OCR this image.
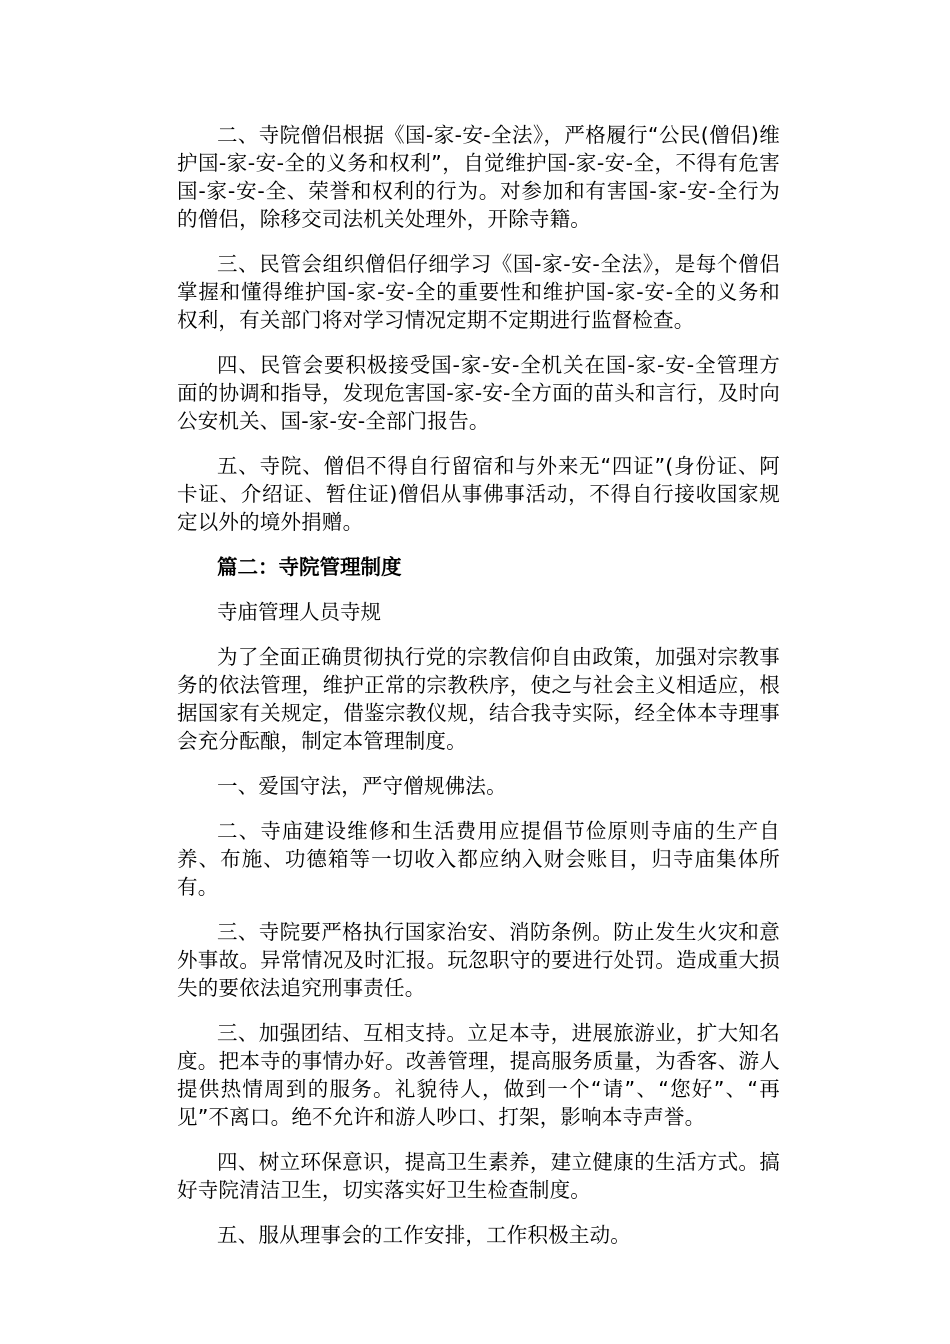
二、寺院僧侣根据《国-家-安-全法》，严格履行“公民(僧侣)维护国-家-安-全的义务和权利”，自觉维护国-家-安-全，不得有危害国-家-安-全、荣誉和权利的行为。对参加和有害国-家-安-全行为的僧侣，除移交司法机关处理外，开除寺籍。

三、民管会组织僧侣仔细学习《国-家-安-全法》，是每个僧侣掌握和懂得维护国-家-安-全的重要性和维护国-家-安-全的义务和权利，有关部门将对学习情况定期不定期进行监督检查。

四、民管会要积极接受国-家-安-全机关在国-家-安-全管理方面的协调和指导，发现危害国-家-安-全方面的苗头和言行，及时向公安机关、国-家-安-全部门报告。

五、寺院、僧侣不得自行留宿和与外来无“四证”(身份证、阿卡证、介绍证、暂住证)僧侣从事佛事活动，不得自行接收国家规定以外的境外捐赠。

篇二：寺院管理制度

寺庙管理人员寺规

为了全面正确贯彻执行党的宗教信仰自由政策，加强对宗教事务的依法管理，维护正常的宗教秩序，使之与社会主义相适应，根据国家有关规定，借鉴宗教仪规，结合我寺实际，经全体本寺理事会充分酝酿，制定本管理制度。

一、爱国守法，严守僧规佛法。

二、寺庙建设维修和生活费用应提倡节俭原则寺庙的生产自养、布施、功德箱等一切收入都应纳入财会账目，归寺庙集体所有。

三、寺院要严格执行国家治安、消防条例。防止发生火灾和意外事故。异常情况及时汇报。玩忽职守的要进行处罚。造成重大损失的要依法追究刑事责任。

三、加强团结、互相支持。立足本寺，进展旅游业，扩大知名度。把本寺的事情办好。改善管理，提高服务质量，为香客、游人提供热情周到的服务。礼貌待人，做到一个“请”、“您好”、“再见”不离口。绝不允许和游人吵口、打架，影响本寺声誉。

四、树立环保意识，提高卫生素养，建立健康的生活方式。搞好寺院清洁卫生，切实落实好卫生检查制度。

五、服从理事会的工作安排，工作积极主动。
